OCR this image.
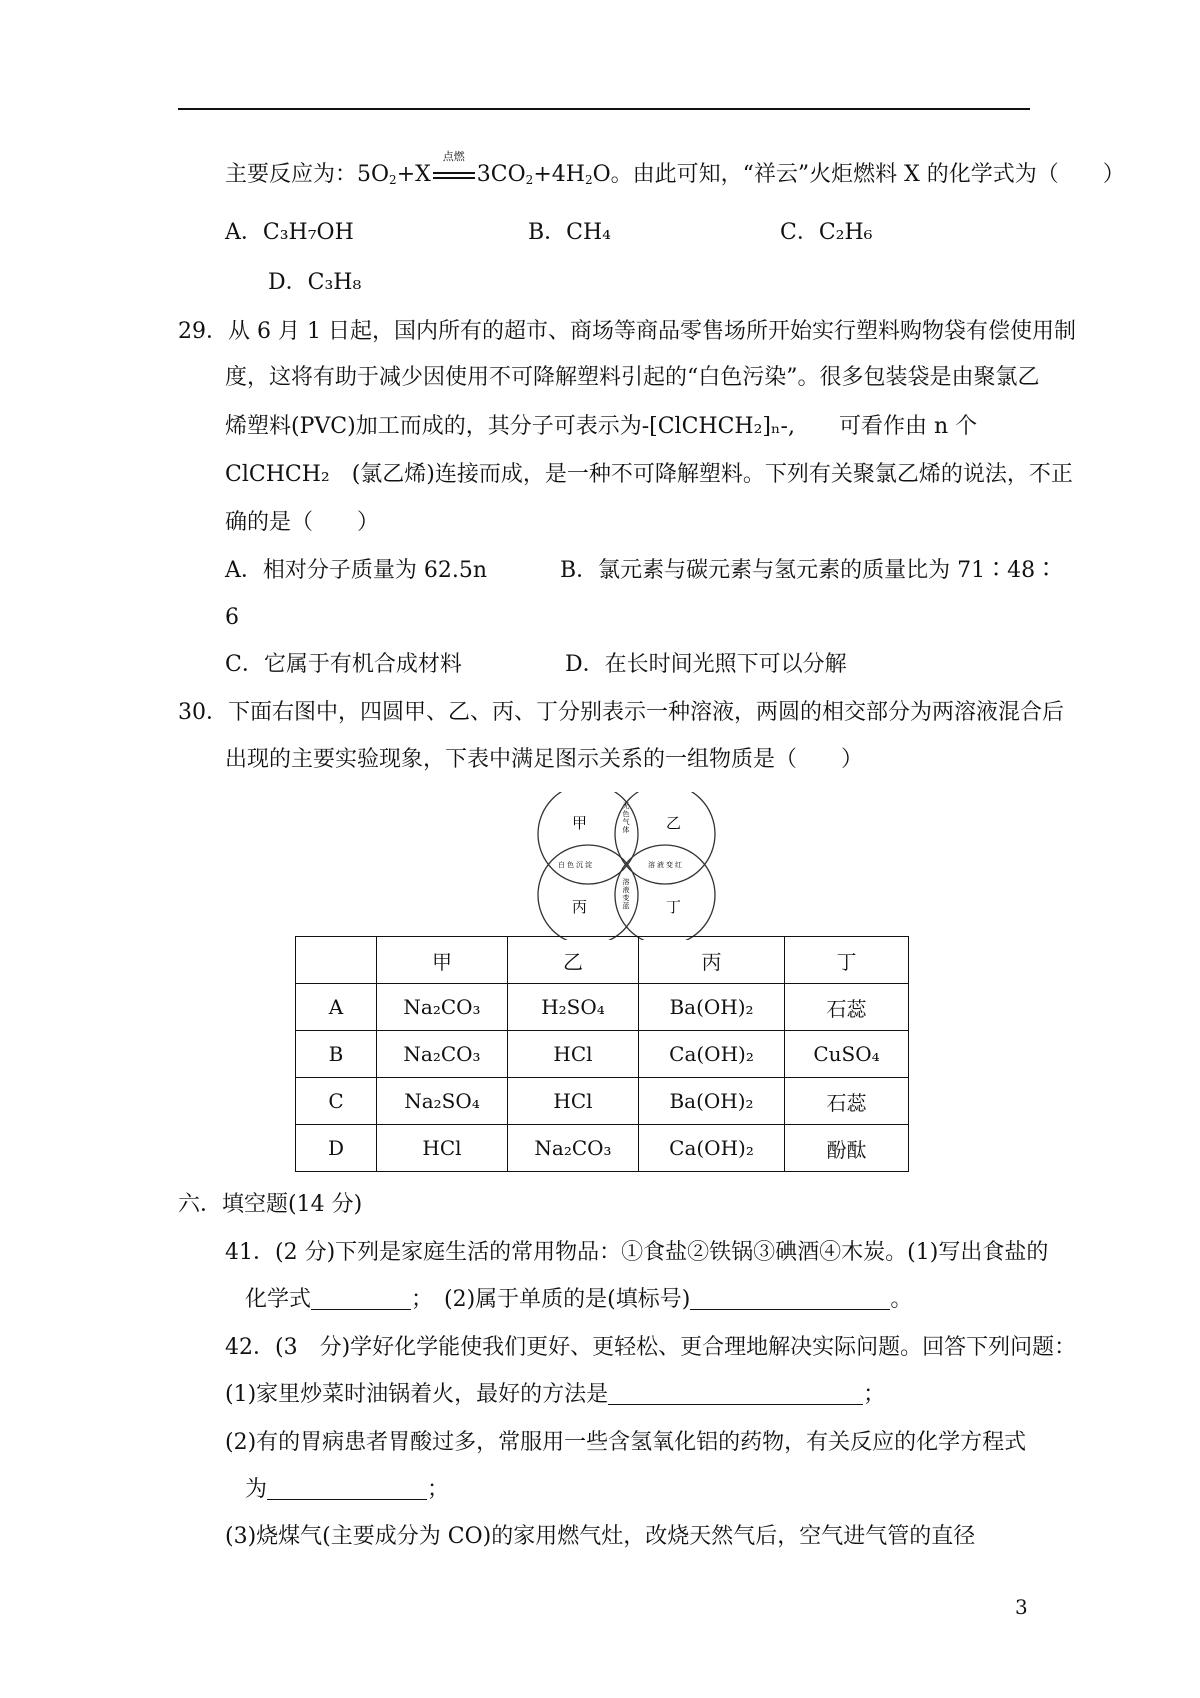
主要反应为：$5O_2+X$
点燃
$3CO_2+4H_2O$。由此可知，“祥云”火炬燃料 X 的化学式为（　　）
A．C₃H₇OH	B．CH₄	C．C₂H₆
D．C₃H₈
29．从 6 月 1 日起，国内所有的超市、商场等商品零售场所开始实行塑料购物袋有偿使用制
度，这将有助于减少因使用不可降解塑料引起的“白色污染”。很多包装袋是由聚氯乙
烯塑料(PVC)加工而成的，其分子可表示为-[ClCHCH₂]ₙ-,　　可看作由 n 个
ClCHCH₂　(氯乙烯)连接而成，是一种不可降解塑料。下列有关聚氯乙烯的说法，不正
确的是（　　）
A．相对分子质量为 62.5n	B．氯元素与碳元素与氢元素的质量比为 71∶48∶
6
C．它属于有机合成材料	D．在长时间光照下可以分解
30．下面右图中，四圆甲、乙、丙、丁分别表示一种溶液，两圆的相交部分为两溶液混合后
出现的主要实验现象，下表中满足图示关系的一组物质是（　　）
甲	乙
丙	丁
无色气体
白色沉淀	溶液变红
溶液变蓝
	甲	乙	丙	丁
A	Na₂CO₃	H₂SO₄	Ba(OH)₂	石蕊
B	Na₂CO₃	HCl	Ca(OH)₂	CuSO₄
C	Na₂SO₄	HCl	Ba(OH)₂	石蕊
D	HCl	Na₂CO₃	Ca(OH)₂	酚酞
六．填空题(14 分)
41．(2 分)下列是家庭生活的常用物品：①食盐②铁锅③碘酒④木炭。(1)写出食盐的
化学式	；　(2)属于单质的是(填标号)	。
42．(3　分)学好化学能使我们更好、更轻松、更合理地解决实际问题。回答下列问题：
(1)家里炒菜时油锅着火，最好的方法是	；
(2)有的胃病患者胃酸过多，常服用一些含氢氧化铝的药物，有关反应的化学方程式
为	；
(3)烧煤气(主要成分为 CO)的家用燃气灶，改烧天然气后，空气进气管的直径
3
